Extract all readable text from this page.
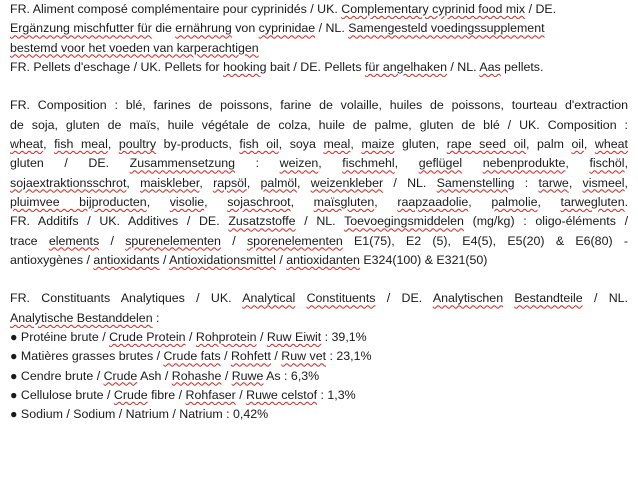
FR. Aliment composé complémentaire pour cyprinidés / UK. Complementary cyprinid food mix / DE.
Ergänzung mischfutter für die ernährung von cyprinidae / NL. Samengesteld voedingssupplement
bestemd voor het voeden van karperachtigen
FR. Pellets d'eschage / UK. Pellets for hooking bait / DE. Pellets für angelhaken / NL. Aas pellets.
FR. Composition : blé, farines de poissons, farine de volaille, huiles de poissons, tourteau d'extraction
de soja, gluten de maïs, huile végétale de colza, huile de palme, gluten de blé / UK. Composition :
wheat, fish meal, poultry by-products, fish oil, soya meal, maize gluten, rape seed oil, palm oil, wheat
gluten / DE. Zusammensetzung : weizen, fischmehl, geflügel nebenprodukte, fischöl,
sojaextraktionsschrot, maiskleber, rapsöl, palmöl, weizenkleber / NL. Samenstelling : tarwe, vismeel,
pluimvee bijproducten, visolie, sojaschroot, maïsgluten, raapzaadolie, palmolie, tarwegluten.
FR. Additifs / UK. Additives / DE. Zusatzstoffe / NL. Toevoegingsmiddelen (mg/kg) : oligo-éléments /
trace elements / spurenelementen / sporenelementen E1(75), E2 (5), E4(5), E5(20) & E6(80) -
antioxygènes / antioxidants / Antioxidationsmittel / antioxidanten E324(100) & E321(50)
FR. Constituants Analytiques / UK. Analytical Constituents / DE. Analytischen Bestandteile / NL.
Analytische Bestanddelen :
● Protéine brute / Crude Protein / Rohprotein / Ruw Eiwit : 39,1%
● Matières grasses brutes / Crude fats / Rohfett / Ruw vet : 23,1%
● Cendre brute / Crude Ash / Rohashe / Ruwe As : 6,3%
● Cellulose brute / Crude fibre / Rohfaser / Ruwe celstof : 1,3%
● Sodium / Sodium / Natrium / Natrium : 0,42%
